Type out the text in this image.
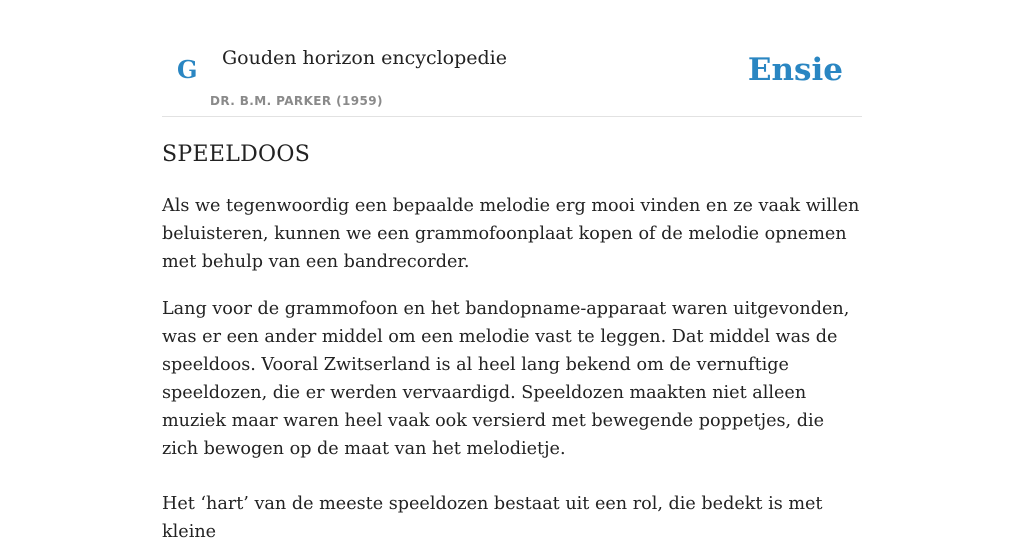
G Gouden horizon encyclopedie
DR. B.M. PARKER (1959)
Ensie
SPEELDOOS

Als we tegenwoordig een bepaalde melodie erg mooi vinden en ze vaak willen beluisteren, kunnen we een grammofoonplaat kopen of de melodie opnemen met behulp van een bandrecorder.

Lang voor de grammofoon en het bandopname-apparaat waren uitgevonden, was er een ander middel om een melodie vast te leggen. Dat middel was de speeldoos. Vooral Zwitserland is al heel lang bekend om de vernuftige speeldozen, die er werden vervaardigd. Speeldozen maakten niet alleen muziek maar waren heel vaak ook versierd met bewegende poppetjes, die zich bewogen op de maat van het melodietje.

Het ‘hart’ van de meeste speeldozen bestaat uit een rol, die bedekt is met kleine
